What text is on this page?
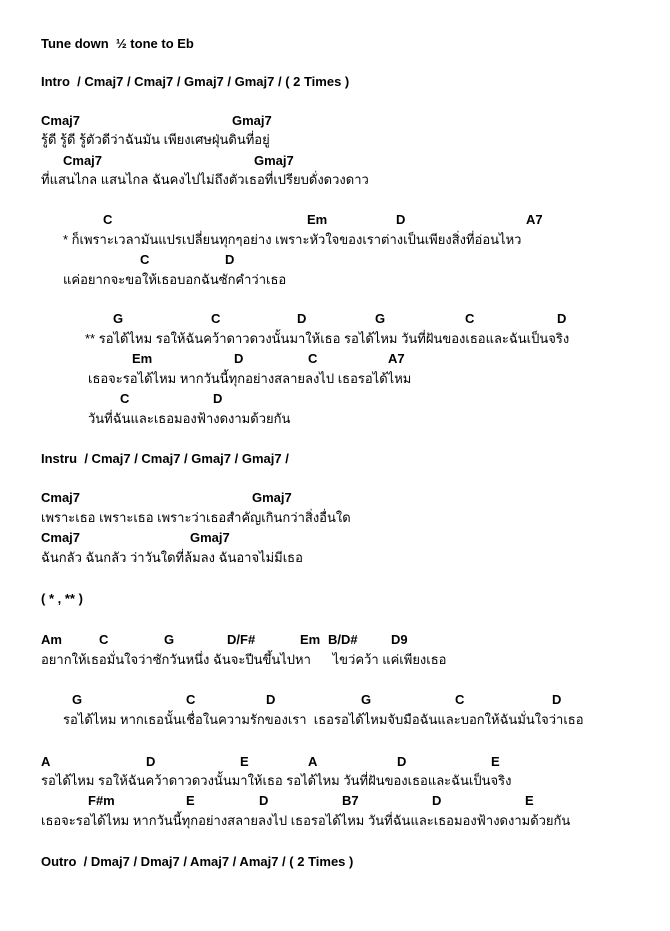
Tune down  ½ tone to Eb
Intro  / Cmaj7 / Cmaj7 / Gmaj7 / Gmaj7 / ( 2 Times )

Cmaj7

	Gmaj7

รู้ดี รู้ดี รู้ตัวดีว่าฉันมัน เพียงเศษฝุ่นดินที่อยู่

Cmaj7

	Gmaj7

ที่แสนไกล แสนไกล ฉันคงไปไม่ถึงตัวเธอที่เปรียบดั่งดวงดาว

C

	Em

	D

	A7

* ก็เพราะเวลามันแปรเปลี่ยนทุกๆอย่าง เพราะหัวใจของเราต่างเป็นเพียงสิ่งที่อ่อนไหว

C

	D

แค่อยากจะขอให้เธอบอกฉันซักคำว่าเธอ

G

	C

	D

	G

	C

	D

** รอได้ไหม รอให้ฉันคว้าดาวดวงนั้นมาให้เธอ รอได้ไหม วันที่ฝันของเธอและฉันเป็นจริง

Em

	D

	C

	A7

เธอจะรอได้ไหม หากวันนี้ทุกอย่างสลายลงไป เธอรอได้ไหม

C

	D

วันที่ฉันและเธอมองฟ้างดงามด้วยกัน
Instru  / Cmaj7 / Cmaj7 / Gmaj7 / Gmaj7 /

Cmaj7

	Gmaj7

เพราะเธอ เพราะเธอ เพราะว่าเธอสำคัญเกินกว่าสิ่งอื่นใด

Cmaj7

	Gmaj7

ฉันกลัว ฉันกลัว ว่าวันใดที่ล้มลง ฉันอาจไม่มีเธอ
( * , ** )

Am

	C

	G

	D/F#

	Em

B/D#

	D9

อยากให้เธอมั่นใจว่าซักวันหนึ่ง ฉันจะปีนขึ้นไปหา      ไขว่คว้า แค่เพียงเธอ

G

	C

	D

	G

	C

	D

รอได้ไหม หากเธอนั้นเชื่อในความรักของเรา  เธอรอได้ไหมจับมือฉันและบอกให้ฉันมั่นใจว่าเธอ

A

	D

	E

	A

	D

	E

รอได้ไหม รอให้ฉันคว้าดาวดวงนั้นมาให้เธอ รอได้ไหม วันที่ฝันของเธอและฉันเป็นจริง

F#m

	E

	D

	B7

	D

	E

เธอจะรอได้ไหม หากวันนี้ทุกอย่างสลายลงไป เธอรอได้ไหม วันที่ฉันและเธอมองฟ้างดงามด้วยกัน
Outro  / Dmaj7 / Dmaj7 / Amaj7 / Amaj7 / ( 2 Times )
